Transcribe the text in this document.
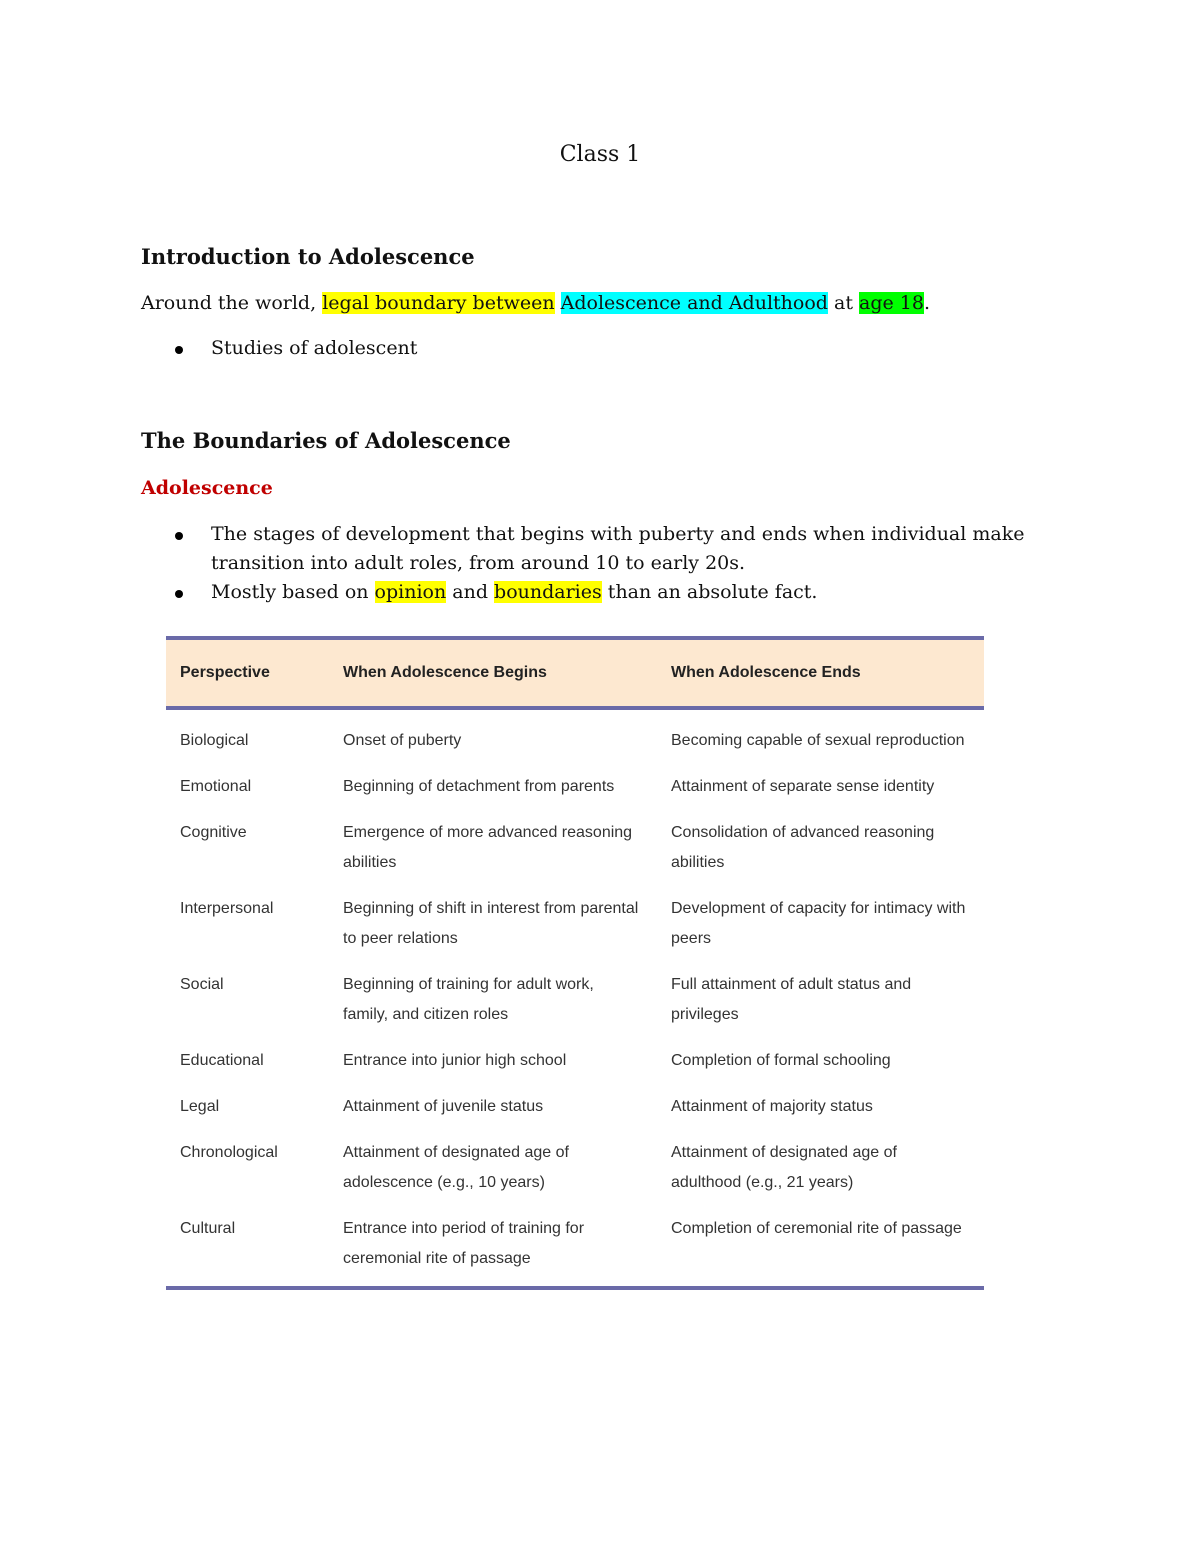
Class 1
Introduction to Adolescence
Around the world, legal boundary between Adolescence and Adulthood at age 18.
Studies of adolescent
The Boundaries of Adolescence
Adolescence
The stages of development that begins with puberty and ends when individual make
transition into adult roles, from around 10 to early 20s.
Mostly based on opinion and boundaries than an absolute fact.
Perspective	When Adolescence Begins	When Adolescence Ends
Biological	Onset of puberty	Becoming capable of sexual reproduction
Emotional	Beginning of detachment from parents	Attainment of separate sense identity
Cognitive	Emergence of more advanced reasoning abilities	Consolidation of advanced reasoning abilities
Interpersonal	Beginning of shift in interest from parental to peer relations	Development of capacity for intimacy with peers
Social	Beginning of training for adult work, family, and citizen roles	Full attainment of adult status and privileges
Educational	Entrance into junior high school	Completion of formal schooling
Legal	Attainment of juvenile status	Attainment of majority status
Chronological	Attainment of designated age of adolescence (e.g., 10 years)	Attainment of designated age of adulthood (e.g., 21 years)
Cultural	Entrance into period of training for ceremonial rite of passage	Completion of ceremonial rite of passage
